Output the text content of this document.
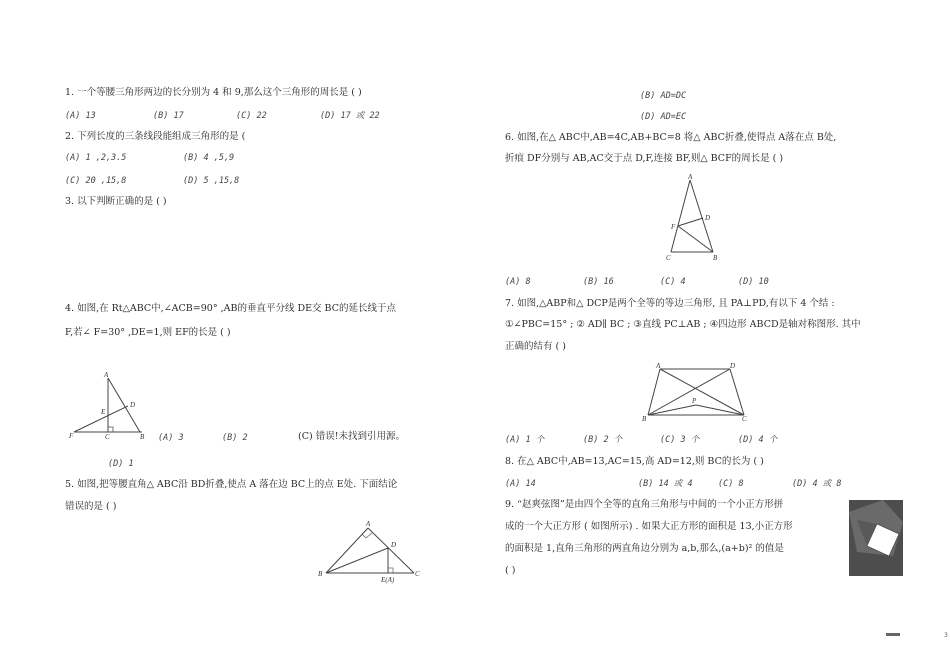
1. 一个等腰三角形两边的长分别为 4 和 9,那么这个三角形的周长是 ( )
(A) 13	(B) 17	(C) 22	(D) 17 或 22
2. 下列长度的三条线段能组成三角形的是 (
(A) 1 ,2,3.5	(B) 4 ,5,9
(C) 20 ,15,8	(D) 5 ,15,8
3. 以下判断正确的是 ( )
4. 如图,在 Rt△ABC中,∠ACB=90° ,AB的垂直平分线 DE交 BC的延长线于点
F,若∠ F=30° ,DE=1,则 EF的长是 ( )
A
D
E
F	C	B (A) 3	(B) 2	(C) 错误!未找到引用源。
(D) 1
5. 如图,把等腰直角△ ABC沿 BD折叠,使点 A 落在边 BC上的点 E处. 下面结论
错误的是 ( )
A
D
B	C
E(A)
(B) AD=DC
(D) AD=EC
6. 如图,在△ ABC中,AB=4C,AB+BC=8 将△ ABC折叠,使得点 A落在点 B处,
折痕 DF分别与 AB,AC交于点 D,F,连接 BF,则△ BCF的周长是 ( )
A
D
F
C	B
(A) 8	(B) 16	(C) 4	(D) 10
7. 如图,△ABP和△ DCP是两个全等的等边三角形, 且 PA⊥PD,有以下 4 个结 :
①∠PBC=15° ; ② AD∥ BC ; ③直线 PC⊥AB ; ④四边形 ABCD是轴对称图形. 其中
正确的结有 ( )
A	D
P
B	C
(A) 1 个	(B) 2 个	(C) 3 个	(D) 4 个
8. 在△ ABC中,AB=13,AC=15,高 AD=12,则 BC的长为 ( )
(A) 14	(B) 14 或 4	(C) 8	(D) 4 或 8
9. “赵爽弦图”是由四个全等的直角三角形与中间的一个小正方形拼
成的一个大正方形 ( 如图所示) . 如果大正方形的面积是 13,小正方形
的面积是 1,直角三角形的两直角边分别为 a,b,那么,(a+b)² 的值是
( )
3
